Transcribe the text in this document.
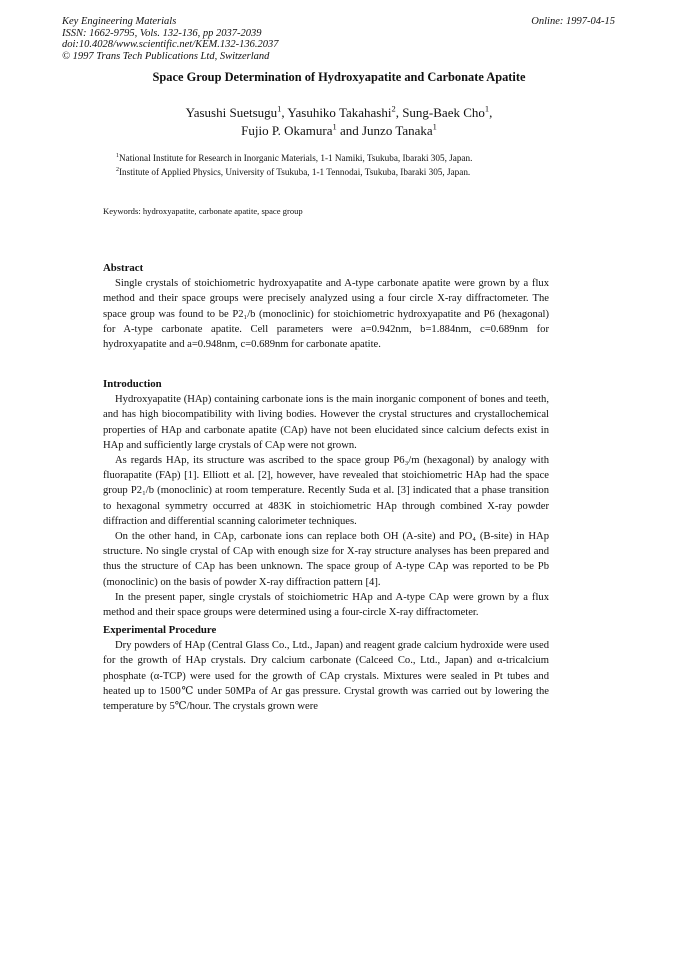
Key Engineering Materials
ISSN: 1662-9795, Vols. 132-136, pp 2037-2039
doi:10.4028/www.scientific.net/KEM.132-136.2037
© 1997 Trans Tech Publications Ltd, Switzerland
Online: 1997-04-15
Space Group Determination of Hydroxyapatite and Carbonate Apatite
Yasushi Suetsugu$^1$, Yasuhiko Takahashi$^2$, Sung-Baek Cho$^1$,
Fujio P. Okamura$^1$ and Junzo Tanaka$^1$
$^1$National Institute for Research in Inorganic Materials, 1-1 Namiki, Tsukuba, Ibaraki 305, Japan.
$^2$Institute of Applied Physics, University of Tsukuba, 1-1 Tennodai, Tsukuba, Ibaraki 305, Japan.
Keywords: hydroxyapatite, carbonate apatite, space group
Abstract

Single crystals of stoichiometric hydroxyapatite and A-type carbonate apatite were grown by a flux method and their space groups were precisely analyzed using a four circle X-ray diffractometer. The space group was found to be P2₁/b (monoclinic) for stoichiometric hydroxyapatite and P6 (hexagonal) for A-type carbonate apatite. Cell parameters were a=0.942nm, b=1.884nm, c=0.689nm for hydroxyapatite and a=0.948nm, c=0.689nm for carbonate apatite.

Introduction

Hydroxyapatite (HAp) containing carbonate ions is the main inorganic component of bones and teeth, and has high biocompatibility with living bodies. However the crystal structures and crystallochemical properties of HAp and carbonate apatite (CAp) have not been elucidated since calcium defects exist in HAp and sufficiently large crystals of CAp were not grown.

As regards HAp, its structure was ascribed to the space group P6₃/m (hexagonal) by analogy with fluorapatite (FAp) [1]. Elliott et al. [2], however, have revealed that stoichiometric HAp had the space group P2₁/b (monoclinic) at room temperature. Recently Suda et al. [3] indicated that a phase transition to hexagonal symmetry occurred at 483K in stoichiometric HAp through combined X-ray powder diffraction and differential scanning calorimeter techniques.

On the other hand, in CAp, carbonate ions can replace both OH (A-site) and PO₄ (B-site) in HAp structure. No single crystal of CAp with enough size for X-ray structure analyses has been prepared and thus the structure of CAp has been unknown. The space group of A-type CAp was reported to be Pb (monoclinic) on the basis of powder X-ray diffraction pattern [4].

In the present paper, single crystals of stoichiometric HAp and A-type CAp were grown by a flux method and their space groups were determined using a four-circle X-ray diffractometer.

Experimental Procedure

Dry powders of HAp (Central Glass Co., Ltd., Japan) and reagent grade calcium hydroxide were used for the growth of HAp crystals. Dry calcium carbonate (Calceed Co., Ltd., Japan) and α-tricalcium phosphate (α-TCP) were used for the growth of CAp crystals. Mixtures were sealed in Pt tubes and heated up to 1500℃ under 50MPa of Ar gas pressure. Crystal growth was carried out by lowering the temperature by 5℃/hour. The crystals grown were
